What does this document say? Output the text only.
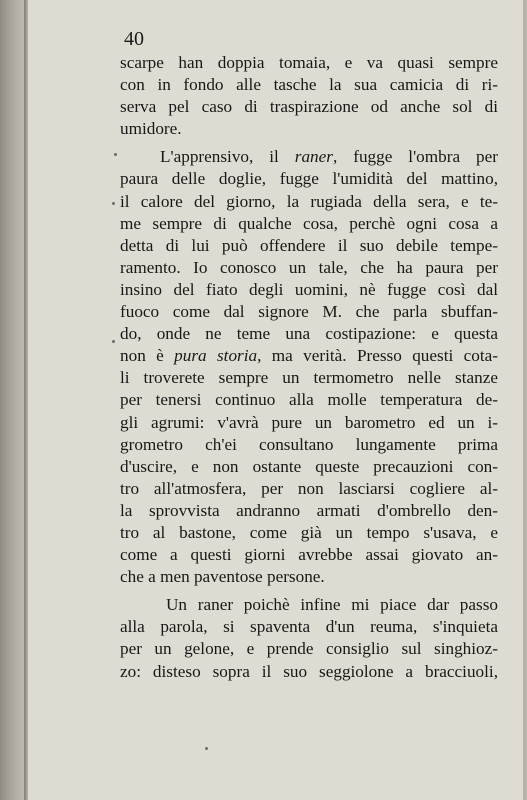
40
scarpe han doppia tomaia, e va quasi sempre
con in fondo alle tasche la sua camicia di ri-
serva pel caso di traspirazione od anche sol di
umidore.
L'apprensivo, il raner, fugge l'ombra per
paura delle doglie, fugge l'umidità del mattino,
il calore del giorno, la rugiada della sera, e te-
me sempre di qualche cosa, perchè ogni cosa a
detta di lui può offendere il suo debile tempe-
ramento. Io conosco un tale, che ha paura per
insino del fiato degli uomini, nè fugge così dal
fuoco come dal signore M. che parla sbuffan-
do, onde ne teme una costipazione: e questa
non è pura storia, ma verità. Presso questi cota-
li troverete sempre un termometro nelle stanze
per tenersi continuo alla molle temperatura de-
gli agrumi: v'avrà pure un barometro ed un i-
grometro ch'ei consultano lungamente prima
d'uscire, e non ostante queste precauzioni con-
tro all'atmosfera, per non lasciarsi cogliere al-
la sprovvista andranno armati d'ombrello den-
tro al bastone, come già un tempo s'usava, e
come a questi giorni avrebbe assai giovato an-
che a men paventose persone.
Un raner poichè infine mi piace dar passo
alla parola, si spaventa d'un reuma, s'inquieta
per un gelone, e prende consiglio sul singhioz-
zo: disteso sopra il suo seggiolone a bracciuoli,
